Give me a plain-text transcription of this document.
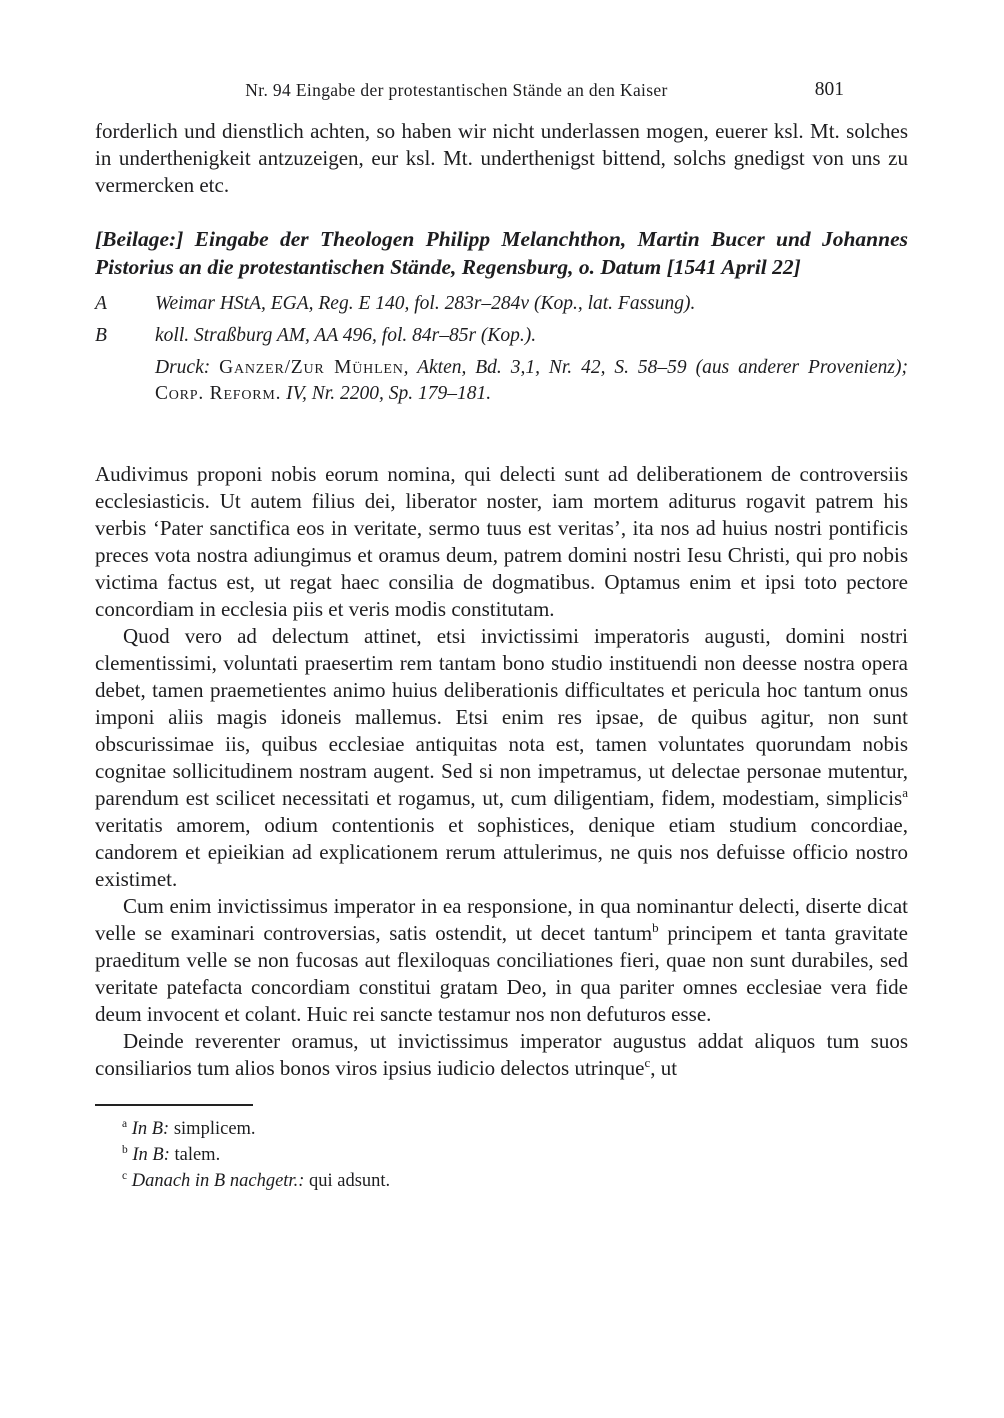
Nr. 94 Eingabe der protestantischen Stände an den Kaiser	801

forderlich und dienstlich achten, so haben wir nicht underlassen mogen, euerer ksl. Mt. solches in underthenigkeit antzuzeigen, eur ksl. Mt. underthenigst bittend, solchs gnedigst von uns zu vermercken etc.

[Beilage:] Eingabe der Theologen Philipp Melanchthon, Martin Bucer und Johannes Pistorius an die protestantischen Stände, Regensburg, o. Datum [1541 April 22]
A	Weimar HStA, EGA, Reg. E 140, fol. 283r–284v (Kop., lat. Fassung).
B	koll. Straßburg AM, AA 496, fol. 84r–85r (Kop.).

Druck: Ganzer/Zur Mühlen, Akten, Bd. 3,1, Nr. 42, S. 58–59 (aus anderer Provenienz); Corp. Reform. IV, Nr. 2200, Sp. 179–181.

Audivimus proponi nobis eorum nomina, qui delecti sunt ad deliberationem de controversiis ecclesiasticis. Ut autem filius dei, liberator noster, iam mortem aditurus rogavit patrem his verbis ‘Pater sanctifica eos in veritate, sermo tuus est veritas’, ita nos ad huius nostri pontificis preces vota nostra adiungimus et oramus deum, patrem domini nostri Iesu Christi, qui pro nobis victima factus est, ut regat haec consilia de dogmatibus. Optamus enim et ipsi toto pectore concordiam in ecclesia piis et veris modis constitutam.

Quod vero ad delectum attinet, etsi invictissimi imperatoris augusti, domini nostri clementissimi, voluntati praesertim rem tantam bono studio instituendi non deesse nostra opera debet, tamen praemetientes animo huius deliberationis difficultates et pericula hoc tantum onus imponi aliis magis idoneis mallemus. Etsi enim res ipsae, de quibus agitur, non sunt obscurissimae iis, quibus ecclesiae antiquitas nota est, tamen voluntates quorundam nobis cognitae sollicitudinem nostram augent. Sed si non impetramus, ut delectae personae mutentur, parendum est scilicet necessitati et rogamus, ut, cum diligentiam, fidem, modestiam, simplicis$^a$ veritatis amorem, odium contentionis et sophistices, denique etiam studium concordiae, candorem et epieikian ad explicationem rerum attulerimus, ne quis nos defuisse officio nostro existimet.

Cum enim invictissimus imperator in ea responsione, in qua nominantur delecti, diserte dicat velle se examinari controversias, satis ostendit, ut decet tantum$^b$ principem et tanta gravitate praeditum velle se non fucosas aut flexiloquas conciliationes fieri, quae non sunt durabiles, sed veritate patefacta concordiam constitui gratam Deo, in qua pariter omnes ecclesiae vera fide deum invocent et colant. Huic rei sancte testamur nos non defuturos esse.

Deinde reverenter oramus, ut invictissimus imperator augustus addat aliquos tum suos consiliarios tum alios bonos viros ipsius iudicio delectos utrinque$^c$, ut

$^a$ In B: simplicem.
$^b$ In B: talem.
$^c$ Danach in B nachgetr.: qui adsunt.
